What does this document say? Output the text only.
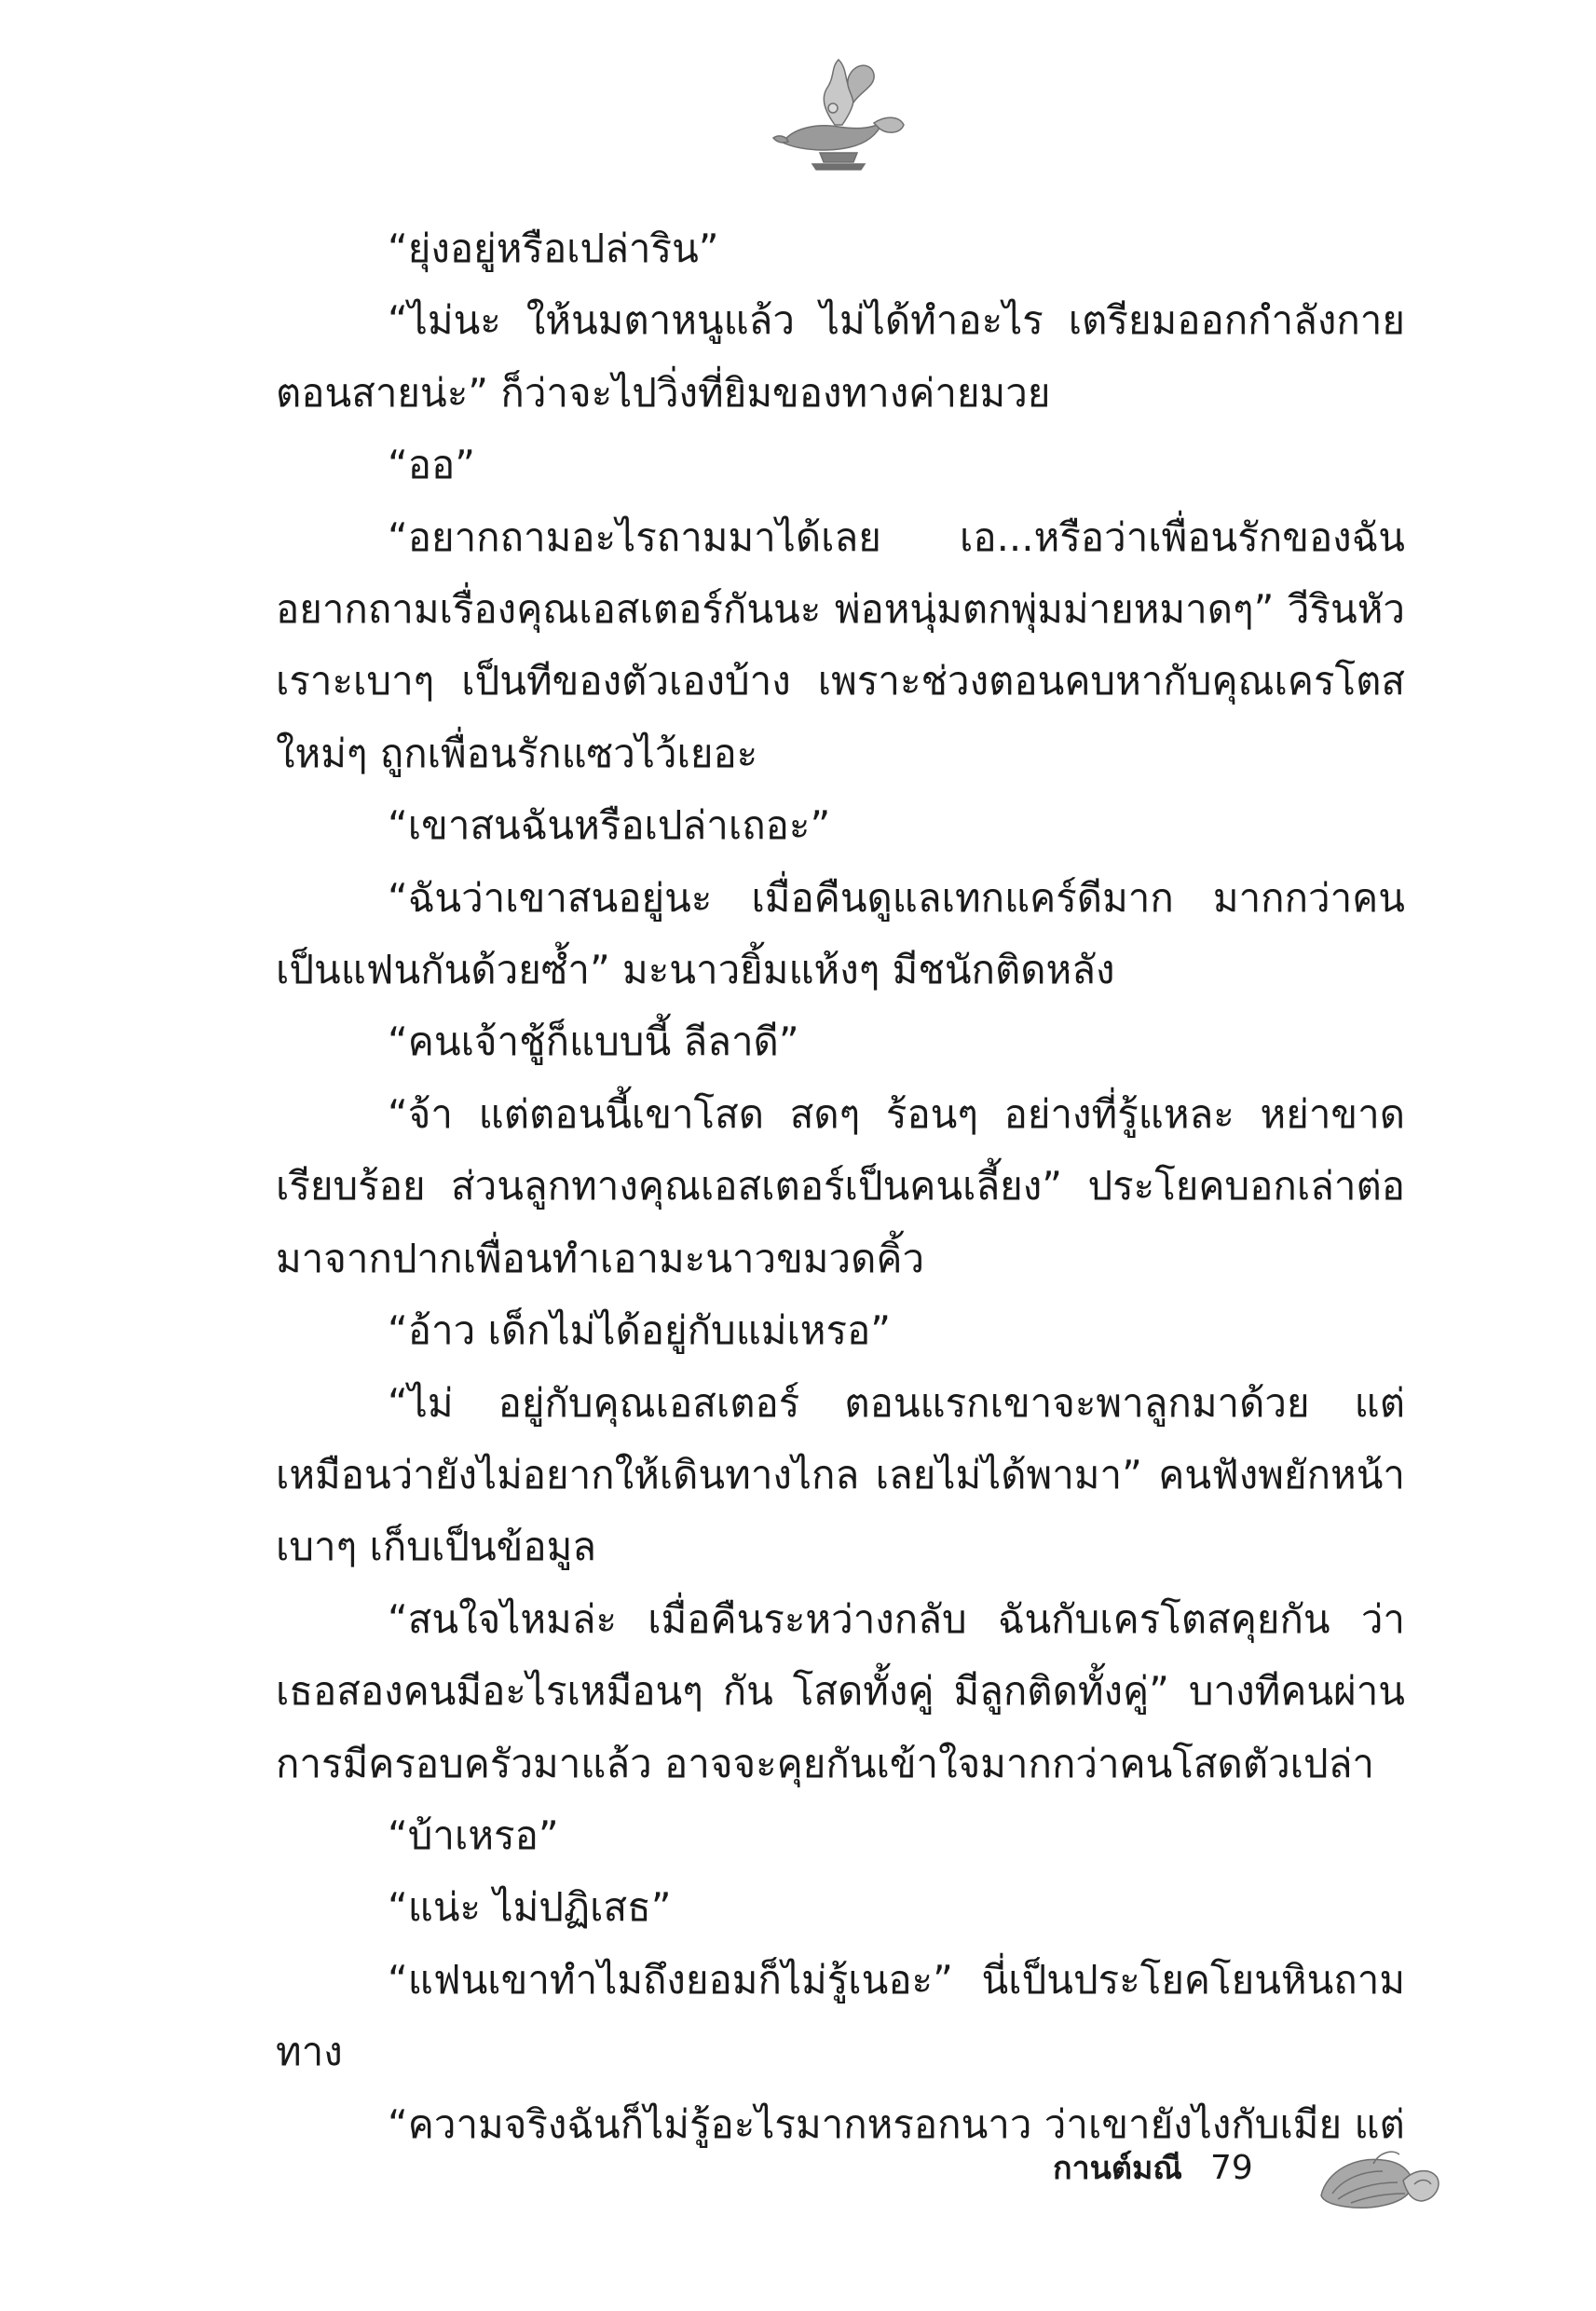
“ยุ่งอยู่หรือเปล่าริน”

“ไม่นะ ให้นมตาหนูแล้ว ไม่ได้ทำอะไร เตรียมออกกำลังกายตอนสายน่ะ” ก็ว่าจะไปวิ่งที่ยิมของทางค่ายมวย

“ออ”

“อยากถามอะไรถามมาได้เลย เอ...หรือว่าเพื่อนรักของฉันอยากถามเรื่องคุณเอสเตอร์กันนะ พ่อหนุ่มตกพุ่มม่ายหมาดๆ” วีรินหัวเราะเบาๆ เป็นทีของตัวเองบ้าง เพราะช่วงตอนคบหากับคุณเครโตสใหม่ๆ ถูกเพื่อนรักแซวไว้เยอะ

“เขาสนฉันหรือเปล่าเถอะ”

“ฉันว่าเขาสนอยู่นะ เมื่อคืนดูแลเทกแคร์ดีมาก มากกว่าคนเป็นแฟนกันด้วยซ้ำ” มะนาวยิ้มแห้งๆ มีชนักติดหลัง

“คนเจ้าชู้ก็แบบนี้ ลีลาดี”

“จ้า แต่ตอนนี้เขาโสด สดๆ ร้อนๆ อย่างที่รู้แหละ หย่าขาดเรียบร้อย ส่วนลูกทางคุณเอสเตอร์เป็นคนเลี้ยง” ประโยคบอกเล่าต่อมาจากปากเพื่อนทำเอามะนาวขมวดคิ้ว

“อ้าว เด็กไม่ได้อยู่กับแม่เหรอ”

“ไม่ อยู่กับคุณเอสเตอร์ ตอนแรกเขาจะพาลูกมาด้วย แต่เหมือนว่ายังไม่อยากให้เดินทางไกล เลยไม่ได้พามา” คนฟังพยักหน้าเบาๆ เก็บเป็นข้อมูล

“สนใจไหมล่ะ เมื่อคืนระหว่างกลับ ฉันกับเครโตสคุยกัน ว่าเธอสองคนมีอะไรเหมือนๆ กัน โสดทั้งคู่ มีลูกติดทั้งคู่” บางทีคนผ่านการมีครอบครัวมาแล้ว อาจจะคุยกันเข้าใจมากกว่าคนโสดตัวเปล่า

“บ้าเหรอ”

“แน่ะ ไม่ปฏิเสธ”

“แฟนเขาทำไมถึงยอมก็ไม่รู้เนอะ” นี่เป็นประโยคโยนหินถามทาง

“ความจริงฉันก็ไม่รู้อะไรมากหรอกนาว ว่าเขายังไงกับเมีย แต่

กานต์มณี 79
